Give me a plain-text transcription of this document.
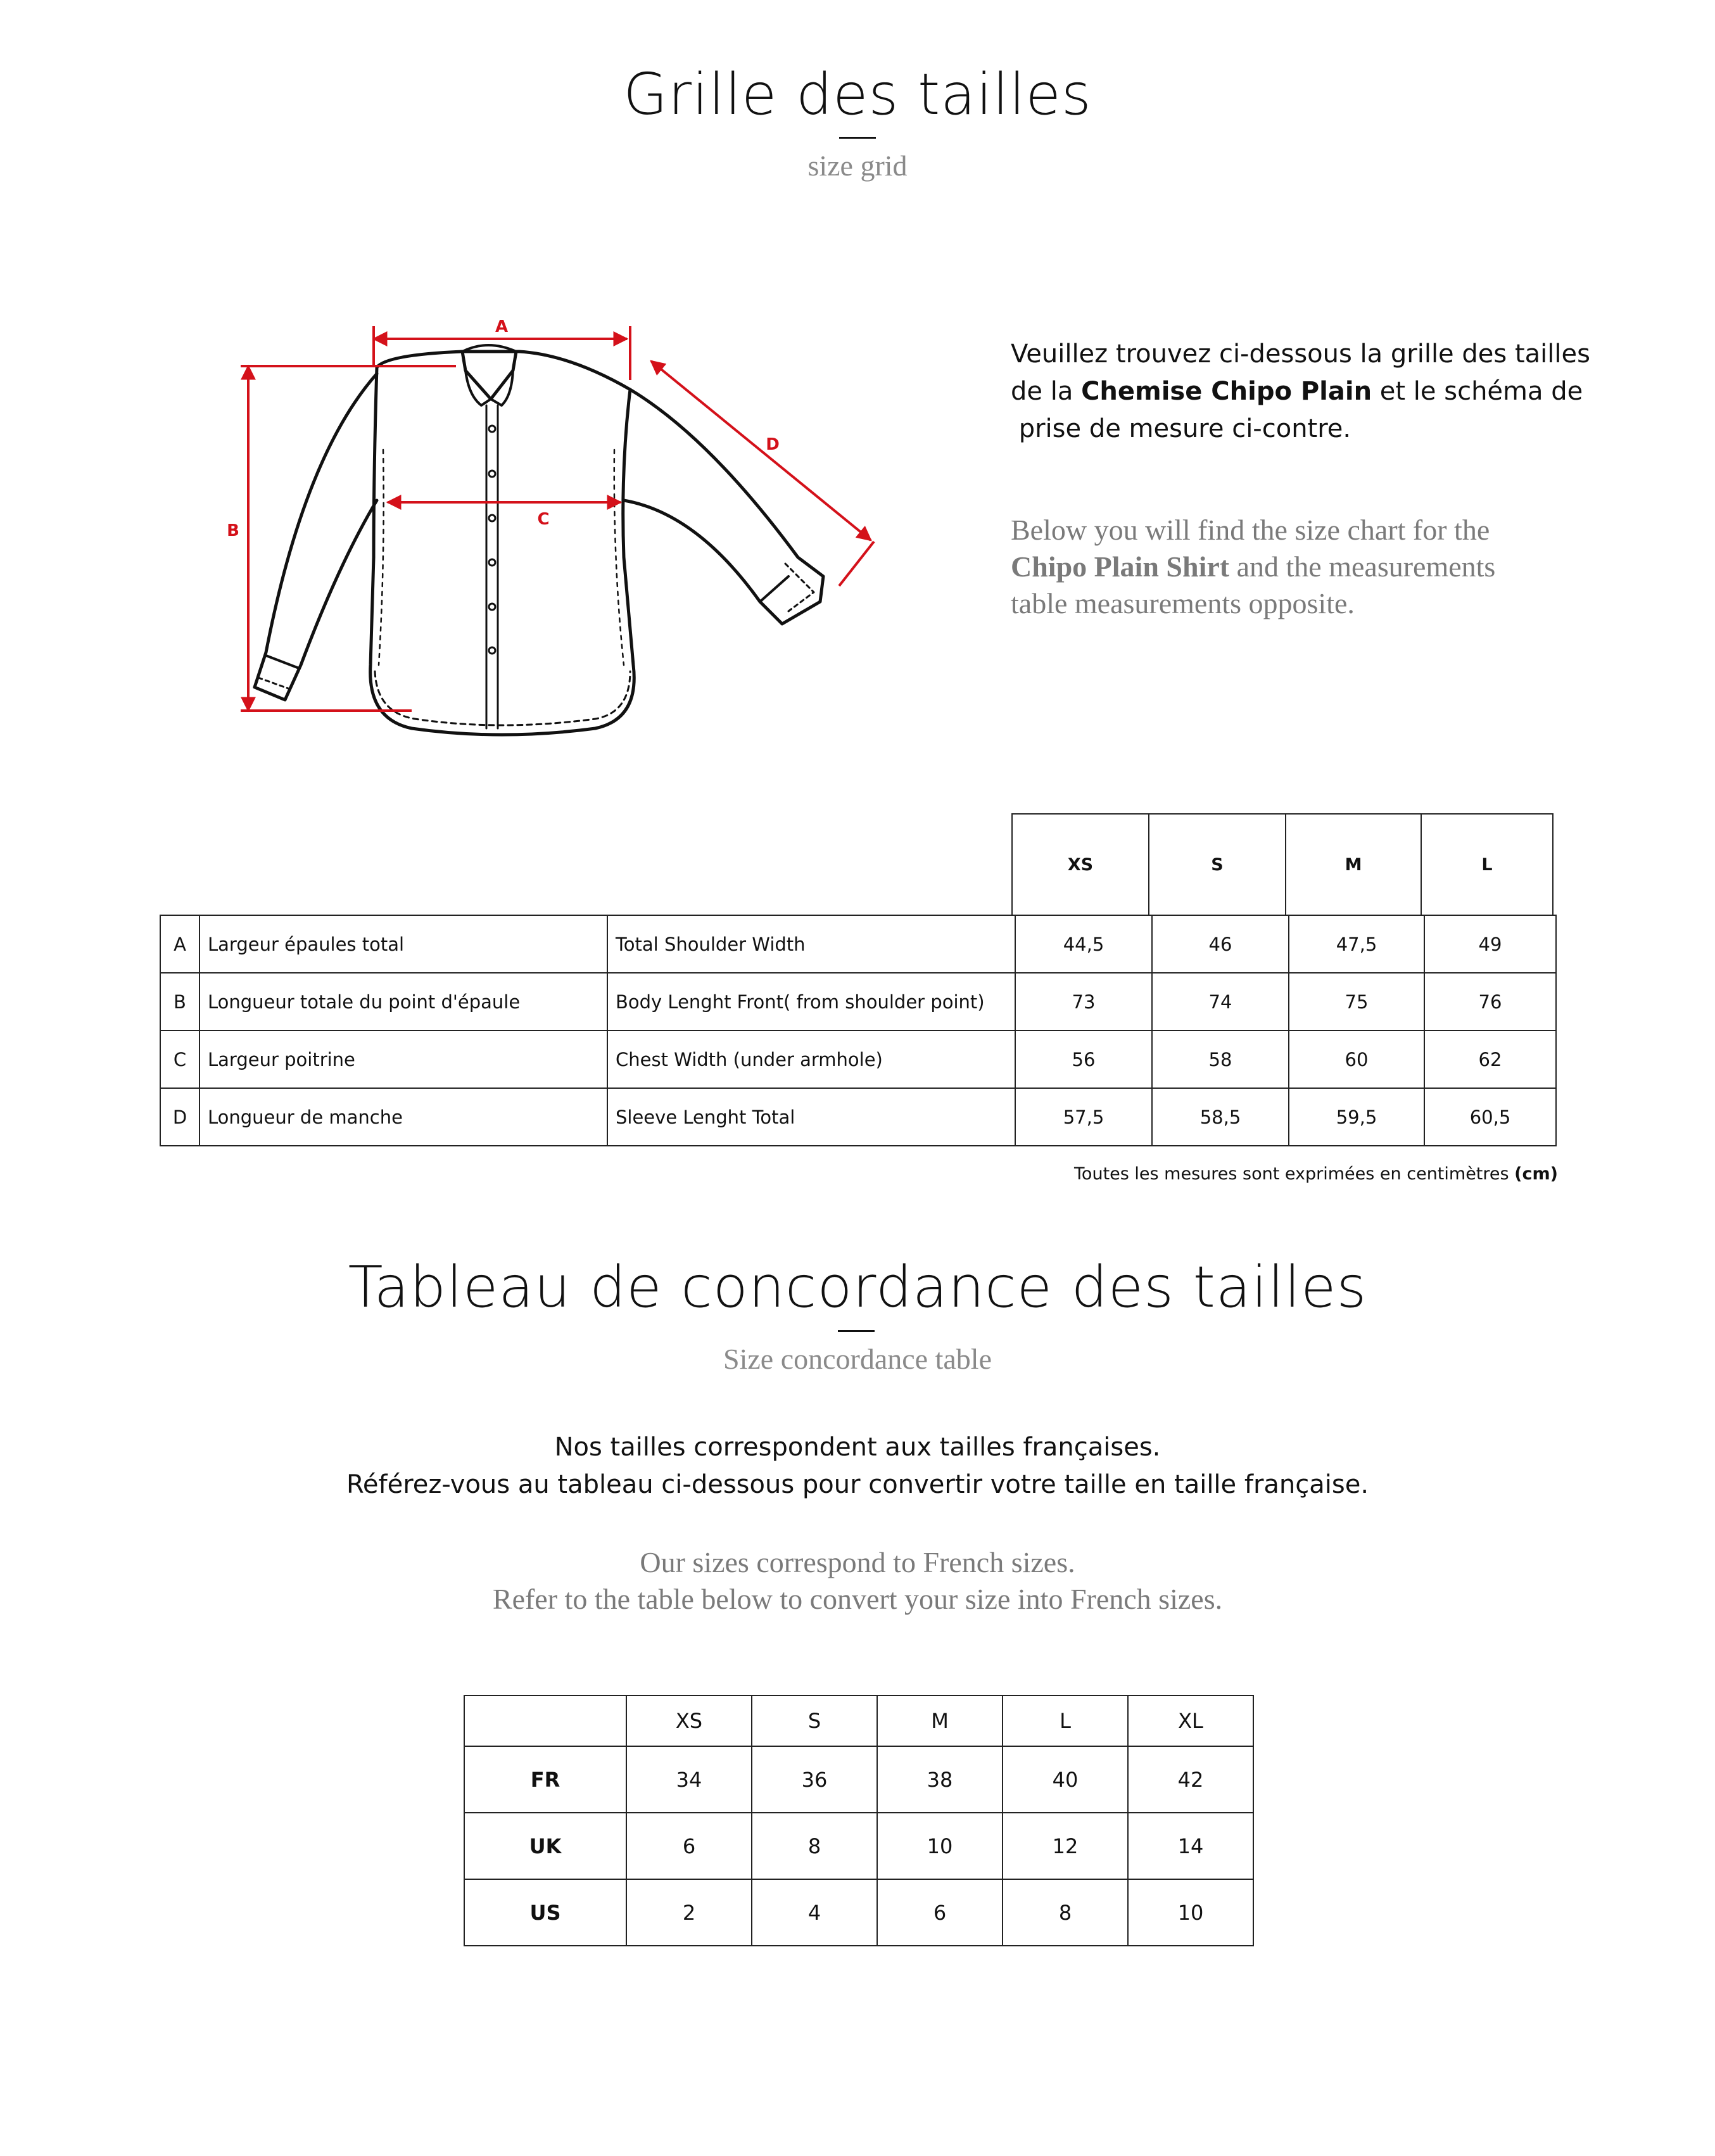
Grille des tailles
size grid
A
B
C
D
Veuillez trouvez ci-dessous la grille des tailles
de la Chemise Chipo Plain et le schéma de
prise de mesure ci-contre.
Below you will find the size chart for the
Chipo Plain Shirt and the measurements
table measurements opposite.
XS	S	M	L
A	Largeur épaules total	Total Shoulder Width	44,5	46	47,5	49
B	Longueur totale du point d'épaule	Body Lenght Front( from shoulder point)	73	74	75	76
C	Largeur poitrine	Chest Width (under armhole)	56	58	60	62
D	Longueur de manche	Sleeve Lenght Total	57,5	58,5	59,5	60,5
Toutes les mesures sont exprimées en centimètres (cm)
Tableau de concordance des tailles
Size concordance table
Nos tailles correspondent aux tailles françaises.
Référez-vous au tableau ci-dessous pour convertir votre taille en taille française.
Our sizes correspond to French sizes.
Refer to the table below to convert your size into French sizes.
	XS	S	M	L	XL
FR	34	36	38	40	42
UK	6	8	10	12	14
US	2	4	6	8	10
